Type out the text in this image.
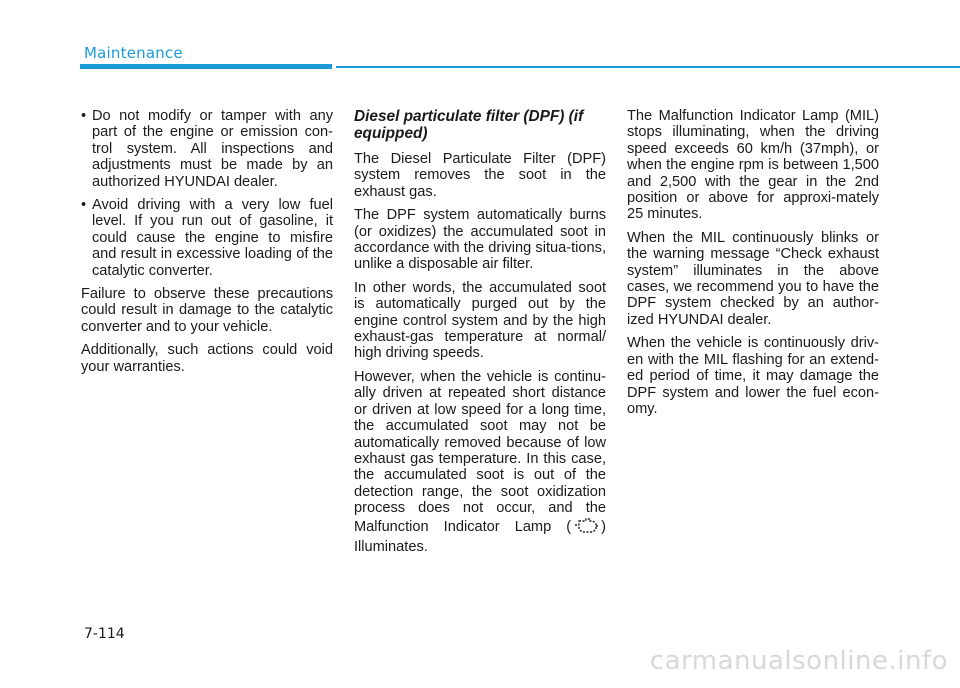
Maintenance
• Do not modify or tamper with any part of the engine or emission con-trol system. All inspections and adjustments must be made by an authorized HYUNDAI dealer.
• Avoid driving with a very low fuel level. If you run out of gasoline, it could cause the engine to misfire and result in excessive loading of the catalytic converter.

Failure to observe these precautions could result in damage to the catalytic converter and to your vehicle.

Additionally, such actions could void your warranties.

Diesel particulate filter (DPF) (if equipped)

The Diesel Particulate Filter (DPF) system removes the soot in the exhaust gas.

The DPF system automatically burns (or oxidizes) the accumulated soot in accordance with the driving situa-tions, unlike a disposable air filter.

In other words, the accumulated soot is automatically purged out by the engine control system and by the high exhaust-gas temperature at normal/ high driving speeds.

However, when the vehicle is continu-ally driven at repeated short distance or driven at low speed for a long time, the accumulated soot may not be automatically removed because of low exhaust gas temperature. In this case, the accumulated soot is out of the detection range, the soot oxidization process does not occur, and the Malfunction Indicator Lamp ( ) Illuminates.

The Malfunction Indicator Lamp (MIL) stops illuminating, when the driving speed exceeds 60 km/h (37mph), or when the engine rpm is between 1,500 and 2,500 with the gear in the 2nd position or above for approxi-mately 25 minutes.

When the MIL continuously blinks or the warning message “Check exhaust system” illuminates in the above cases, we recommend you to have the DPF system checked by an author-ized HYUNDAI dealer.

When the vehicle is continuously driv-en with the MIL flashing for an extend-ed period of time, it may damage the DPF system and lower the fuel econ-omy.

7-114
carmanualsonline.info
